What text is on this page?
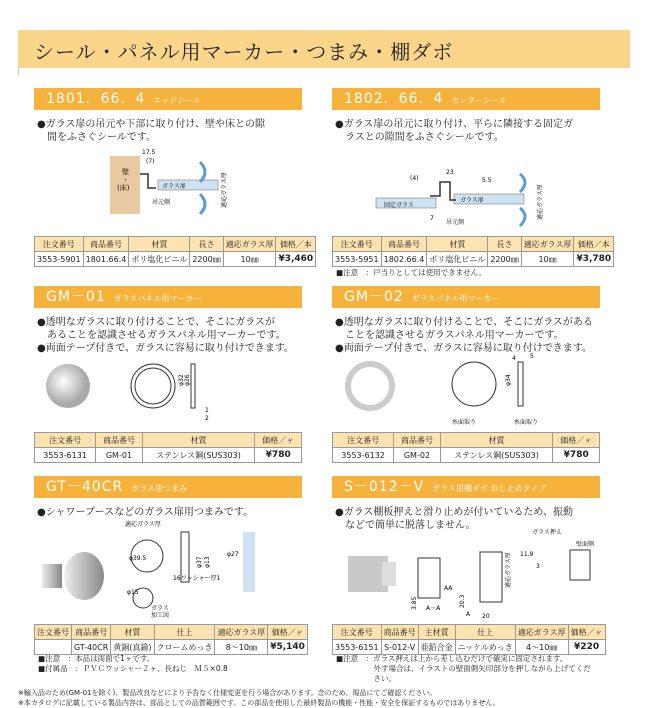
シール・パネル用マーカー・つまみ・棚ダボ
1801．66．4 エッジシール
●ガラス扉の吊元や下部に取り付け、壁や床との隙
　間をふさぐシールです。
壁
・
(床)	ガラス扉
吊元側
17.5
(7)
適応ガラス厚
注文番号	商品番号	材質	長さ	適応ガラス厚	価格／本
3553-5901	1801.66.4	ポリ塩化ビニル	2200㎜	10㎜	¥3,460
1802．66．4 センターシール
●ガラス扉の吊元に取り付け、平らに隣接する固定ガ
　ラスとの隙間をふさぐシールです。
固定ガラス
ガラス扉
吊元側
23
(4)	5.5
7	適応ガラス厚
注文番号	商品番号	材質	長さ	適応ガラス厚	価格／本
3553-5951	1802.66.4	ポリ塩化ビニル	2200㎜	10㎜	¥3,780
■注意　：戸当りとしては使用できません。
GM－01 ガラスパネル用マーカー
●透明なガラスに取り付けることで、そこにガラスが
　あることを認識させるガラスパネル用マーカーです。
●両面テープ付きで、ガラスに容易に取り付けできます。
φ32 φ26
1
2
注文番号	商品番号	材質	価格／ヶ
3553-6131	GM-01	ステンレス鋼(SUS303)	¥780
GM－02 ガラスパネル用マーカー
●透明なガラスに取り付けることで、そこにガラスがある
　ことを認識させるガラスパネル用マーカーです。
●両面テープ付きで、ガラスに容易に取り付けできます。
φ34
4 5
糸面取り	糸面取り
注文番号	商品番号	材質	価格／ヶ
3553-6132	GM-02	ステンレス鋼(SUS303)	¥780
GT－40CR ガラス用つまみ
●シャワーブースなどのガラス扉用つまみです。
適応ガラス厚
φ39.5	φ37 φ13
16
φ27
ワッシャー厚1
φ15
ガラス
加工図
注文番号	商品番号	材質	仕上	適応ガラス厚	価格／ヶ
	GT-40CR	黄銅(真鍮)	クロームめっき	8～10㎜	¥5,140
■注意　：本品は両面で1ヶです。
■付属品　：ＰＶＣワッシャー２ヶ、長ねじ　Ｍ５×0.8
S－012－V ガラス用棚ダボ ねじ止めタイプ
●ガラス棚板押えと滑り止めが付いているため、振動
　などで簡単に脱落しません。
ガラス押え
壁面側
適応ガラス厚 11.9
3
3.85
20
20.3
AA
A－A
A
注文番号	商品番号	主材質	仕上	適応ガラス厚	価格／ヶ
3553-6151	S-012-V	亜鉛合金	ニッケルめっき	4～10㎜	¥220
■注意　：ガラス押えは上から差し込むだけで確実に固定されます。
　　　　　外す場合は、イラストの壁面側矢印部分を押しながら上げてくだ
　　　　　さい。
※輸入品のため(GM-01を除く)、製品改良などにより予告なく仕様変更を行う場合があります。念のため、現品にてご確認ください。
※本カタログに記載している製品内容は、部品としての品質範囲です。この部品を使用した最終製品の機能・性能・安全を保証するものではありません。
